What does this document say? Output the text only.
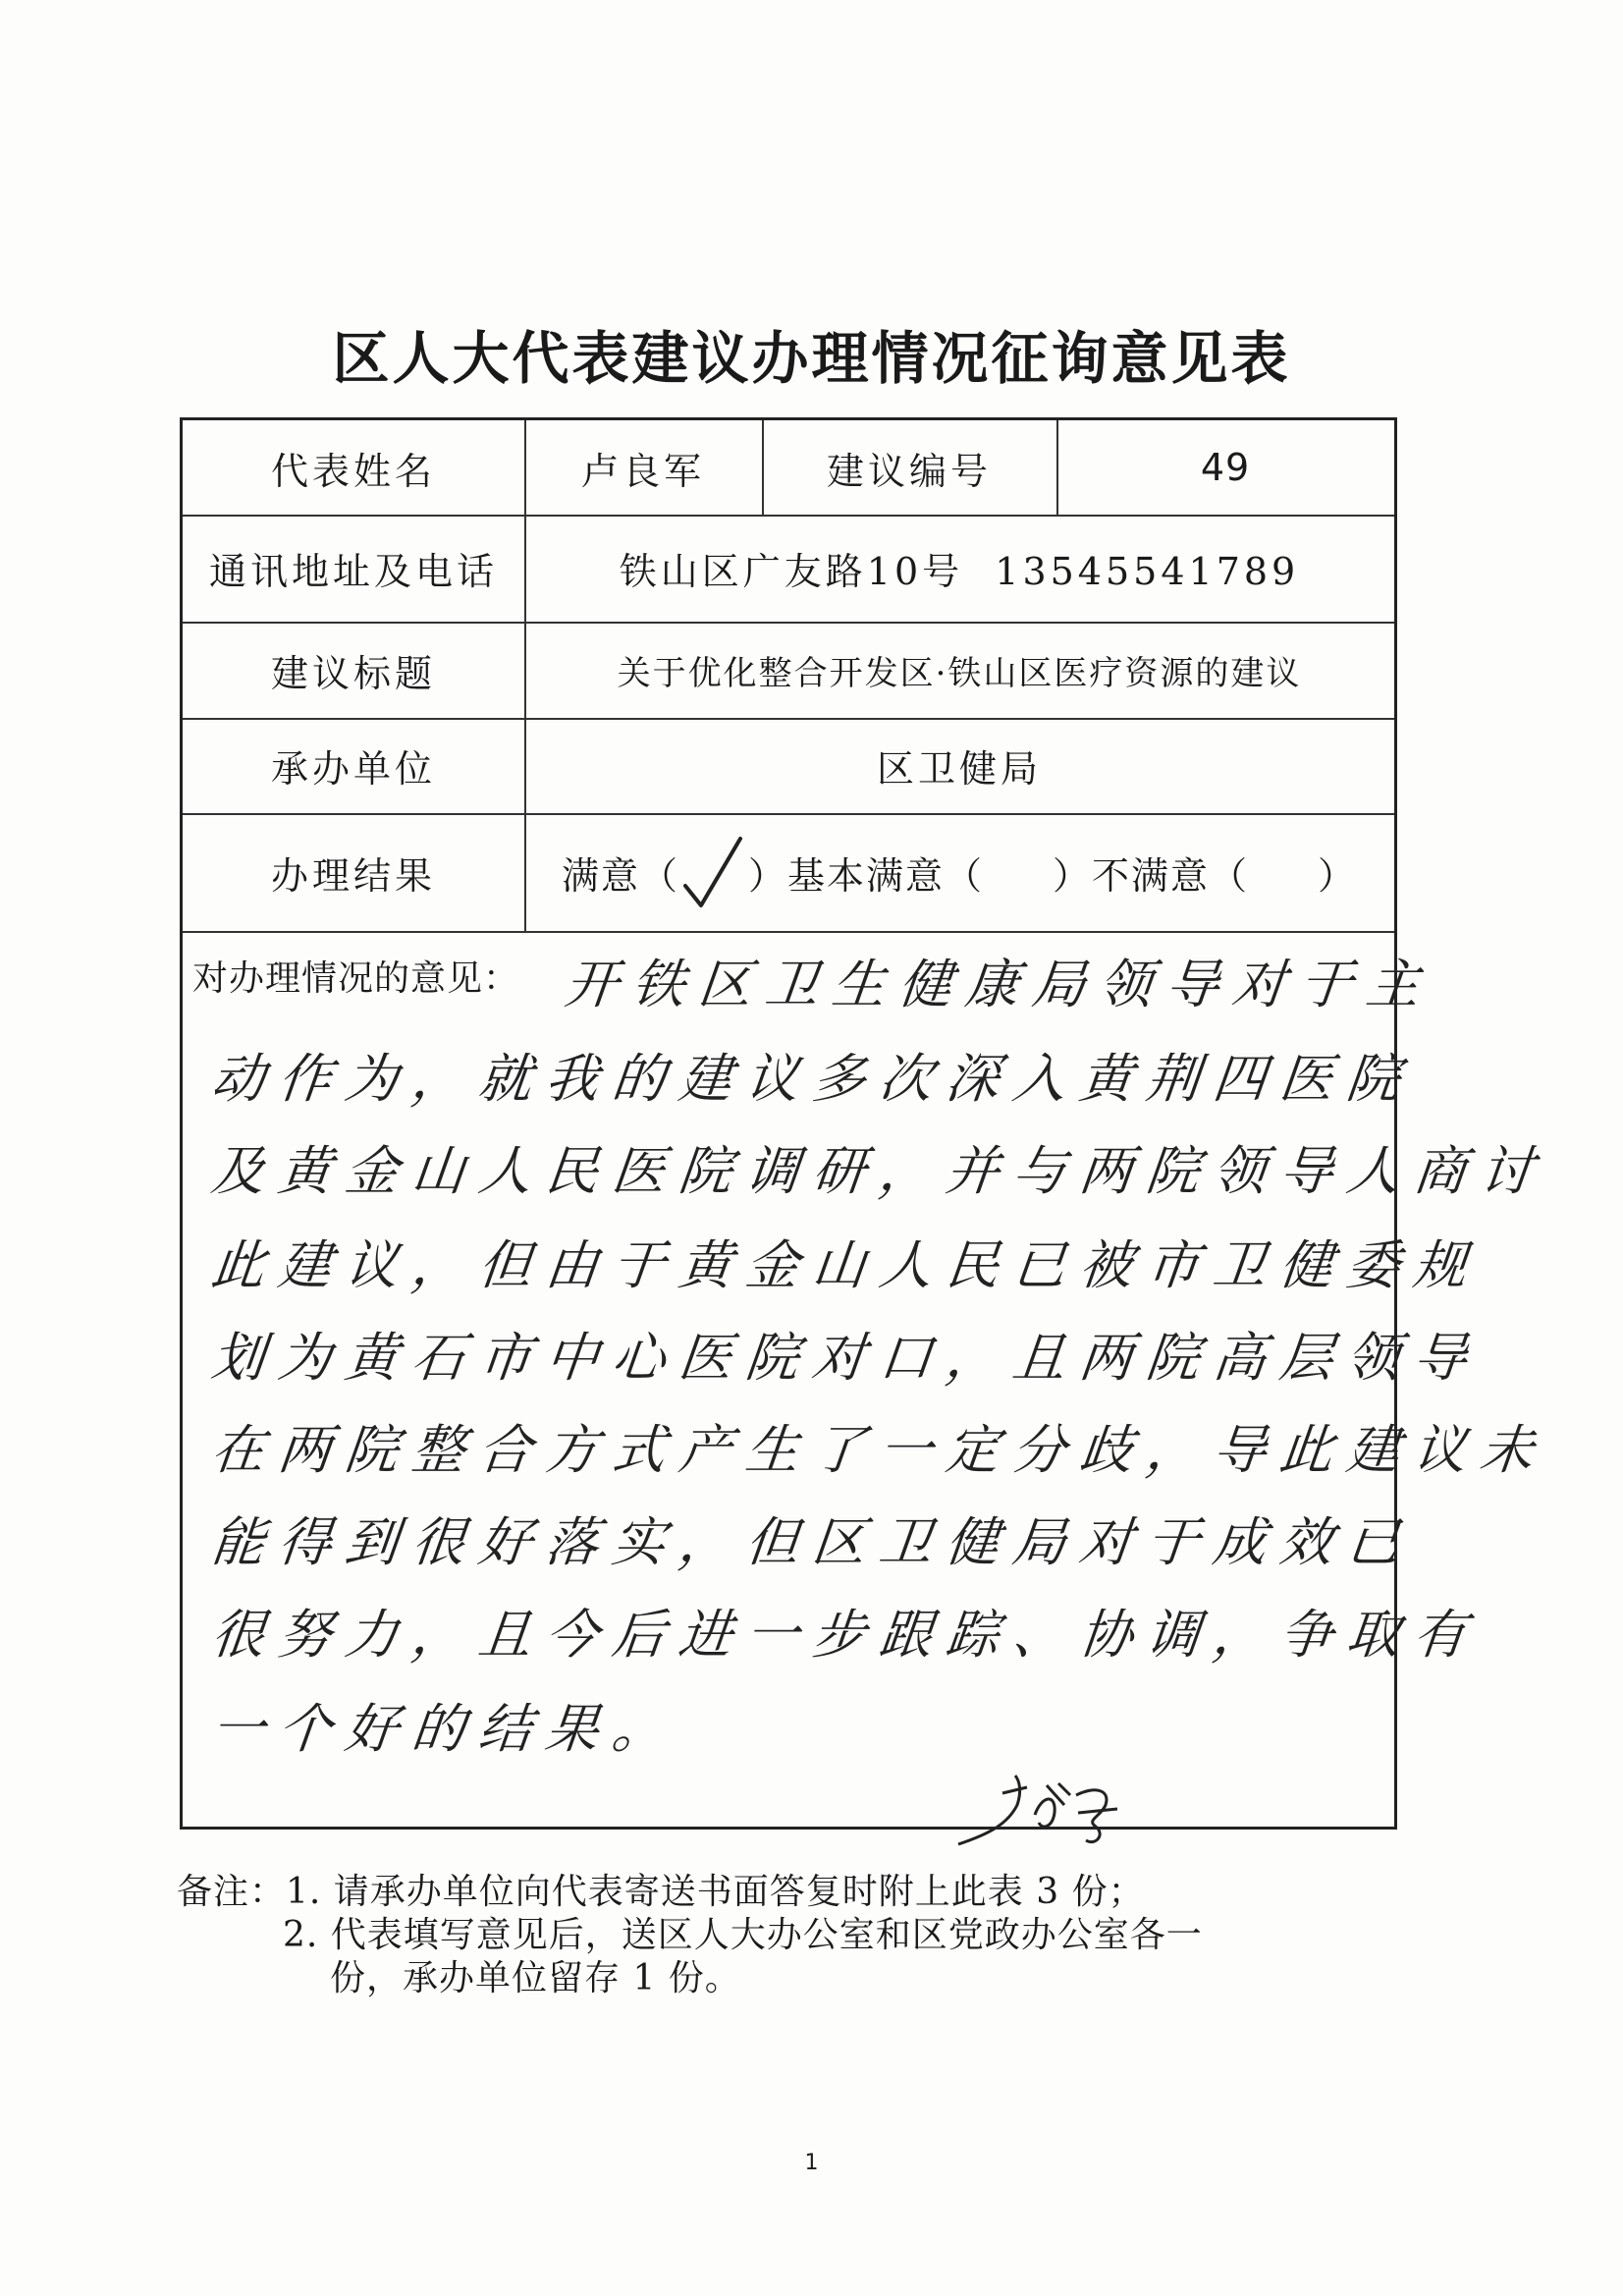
区人大代表建议办理情况征询意见表
代表姓名	卢良军	建议编号	49
通讯地址及电话	铁山区广友路10号  13545541789
建议标题	关于优化整合开发区·铁山区医疗资源的建议
承办单位	区卫健局
办理结果	满意（ ）基本满意（ ）不满意（ ）
对办理情况的意见： 开铁区卫生健康局领导对于主
动作为，就我的建议多次深入黄荆四医院
及黄金山人民医院调研，并与两院领导人商讨
此建议，但由于黄金山人民已被市卫健委规
划为黄石市中心医院对口，且两院高层领导
在两院整合方式产生了一定分歧，导此建议未
能得到很好落实，但区卫健局对于成效已
很努力，且今后进一步跟踪、协调，争取有
一个好的结果。
备注：1. 请承办单位向代表寄送书面答复时附上此表 3 份；
2. 代表填写意见后，送区人大办公室和区党政办公室各一
份，承办单位留存 1 份。
1
